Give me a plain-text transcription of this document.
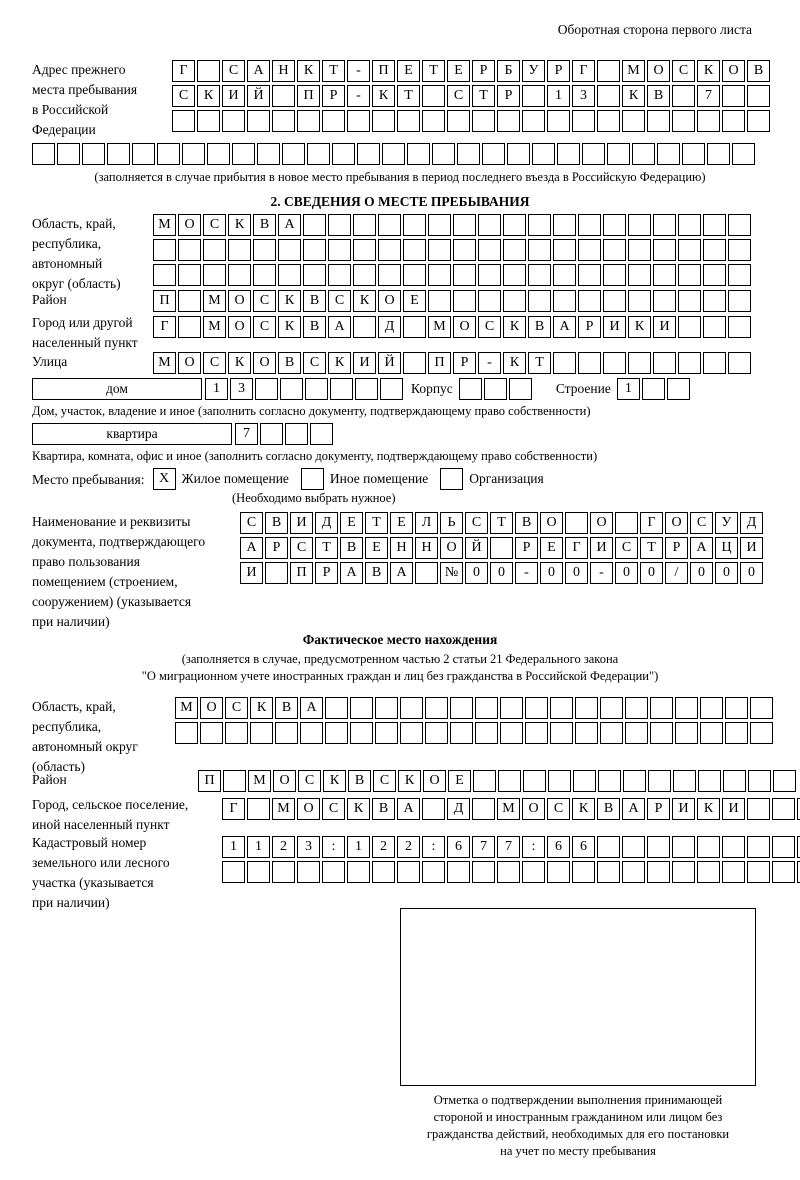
Оборотная сторона первого листа
Адрес прежнего
места пребывания
в Российской
Федерации
Г	С	А	Н	К	Т	-	П	Е	Т	Е	Р	Б	У	Р	Г	М О	С	К	О	В
С	К	И	Й	П	Р	-	К	Т	С	Т	Р	1	3	К	В	7
(заполняется в случае прибытия в новое место пребывания в период последнего въезда в Российскую Федерацию)
2. СВЕДЕНИЯ О МЕСТЕ ПРЕБЫВАНИЯ
Область, край,
республика,
автономный
округ (область)
М О	С	К	В	А
Район	П	М О	С	К	В	С	К	О	Е
Город или другой
населенный пункт
Г	М О	С	К	В	А	Д	М О	С	К	В	А	Р	И	К	И
Улица	М О	С	К	О	В	С	К	И	Й	П	Р	-	К	Т
дом	1	3	Корпус	Строение	1
Дом, участок, владение и иное (заполнить согласно документу, подтверждающему право собственности)
квартира	7
Квартира, комната, офис и иное (заполнить согласно документу, подтверждающему право собственности)
Место пребывания:	Х Жилое помещение	Иное помещение	Организация
(Необходимо выбрать нужное)
Наименование и реквизиты
документа, подтверждающего
право пользования
помещением (строением,
сооружением) (указывается
при наличии)
С	В	И	Д	Е	Т	Е	Л	Ь	С	Т	В	О	О	Г	О	С	У	Д
А	Р	С	Т	В	Е	Н	Н	О	Й	Р	Е	Г	И	С	Т	Р	А	Ц	И
И	П	Р	А	В	А	№	0	0	-	0	0	-	0	0	/	0	0	0
Фактическое место нахождения
(заполняется в случае, предусмотренном частью 2 статьи 21 Федерального закона
"О миграционном учете иностранных граждан и лиц без гражданства в Российской Федерации")
Область, край,
республика,
автономный округ
(область)
М О	С	К	В	А
Район	П	М О	С	К	В	С	К	О	Е
Город, сельское поселение,
иной населенный пункт
Г	М О	С	К	В	А	Д	М О	С	К	В	А	Р	И	К	И
Кадастровый номер
земельного или лесного
участка (указывается
при наличии)
1	1	2	3	:	1	2	2	:	6	7	7	:	6	6
Отметка о подтверждении выполнения принимающей
стороной и иностранным гражданином или лицом без
гражданства действий, необходимых для его постановки
на учет по месту пребывания
